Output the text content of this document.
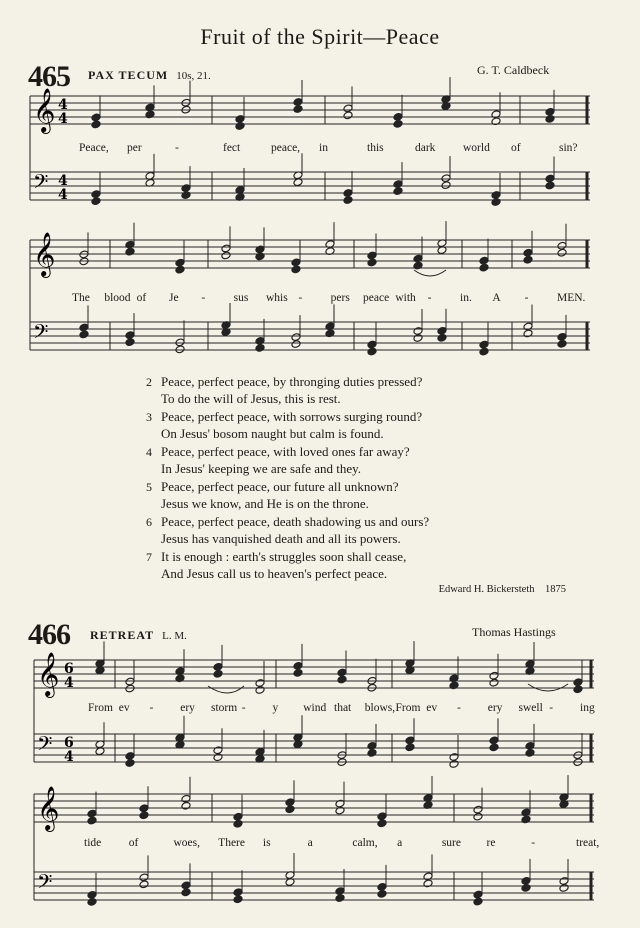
Fruit of the Spirit—Peace
465 PAX TECUM 10s, 21.	G. T. Caldbeck
466 RETREAT L. M.	Thomas Hastings
𝄞
𝄢
4
4
4
4
𝄞
𝄢
𝄞
𝄢
6
4
6
4
𝄞
𝄢
Peace, per	-	fect	peace, in	this	dark world of	sin?
The blood of Je - sus whis - pers peace with - in. A - MEN.
2 Peace, perfect peace, by thronging duties pressed?
To do the will of Jesus, this is rest.
3 Peace, perfect peace, with sorrows surging round?
On Jesus' bosom naught but calm is found.
4 Peace, perfect peace, with loved ones far away?
In Jesus' keeping we are safe and they.
5 Peace, perfect peace, our future all unknown?
Jesus we know, and He is on the throne.
6 Peace, perfect peace, death shadowing us and ours?
Jesus has vanquished death and all its powers.
7 It is enough : earth's struggles soon shall cease,
And Jesus call us to heaven's perfect peace.
Edward H. Bickersteth 1875
From ev - ery storm - y wind that blows, From ev - ery swell - ing
tide of	woes, There is	a	calm, a	sure re	-	treat,
